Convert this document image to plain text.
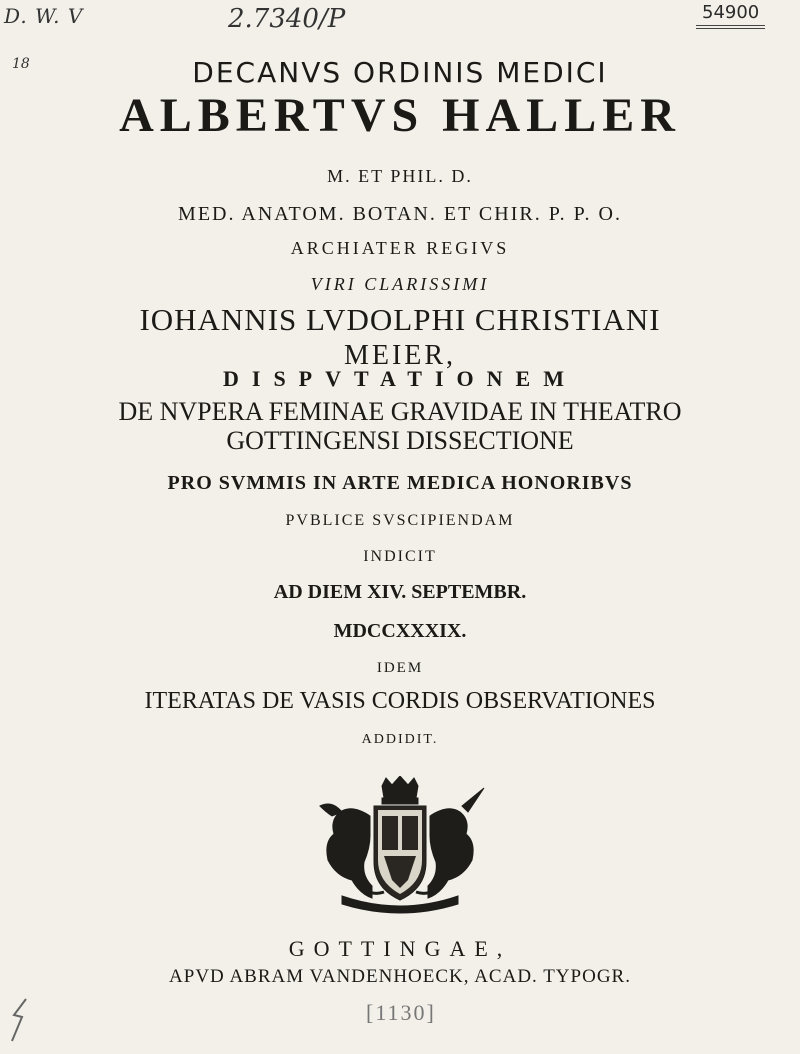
D. W. V
18
2.7340/P	54900
DECANVS ORDINIS MEDICI
ALBERTVS HALLER
M. ET PHIL. D.
MED. ANATOM. BOTAN. ET CHIR. P. P. O.
ARCHIATER REGIVS
VIRI CLARISSIMI
IOHANNIS LVDOLPHI CHRISTIANI
MEIER,
DISPVTATIONEM
DE NVPERA FEMINAE GRAVIDAE IN THEATRO
GOTTINGENSI DISSECTIONE
PRO SVMMIS IN ARTE MEDICA HONORIBVS
PVBLICE SVSCIPIENDAM
INDICIT
AD DIEM XIV. SEPTEMBR.
MDCCXXXIX.
IDEM
ITERATAS DE VASIS CORDIS OBSERVATIONES
ADDIDIT.
GOTTINGAE,
APVD ABRAM VANDENHOECK, ACAD. TYPOGR.
[1130]
